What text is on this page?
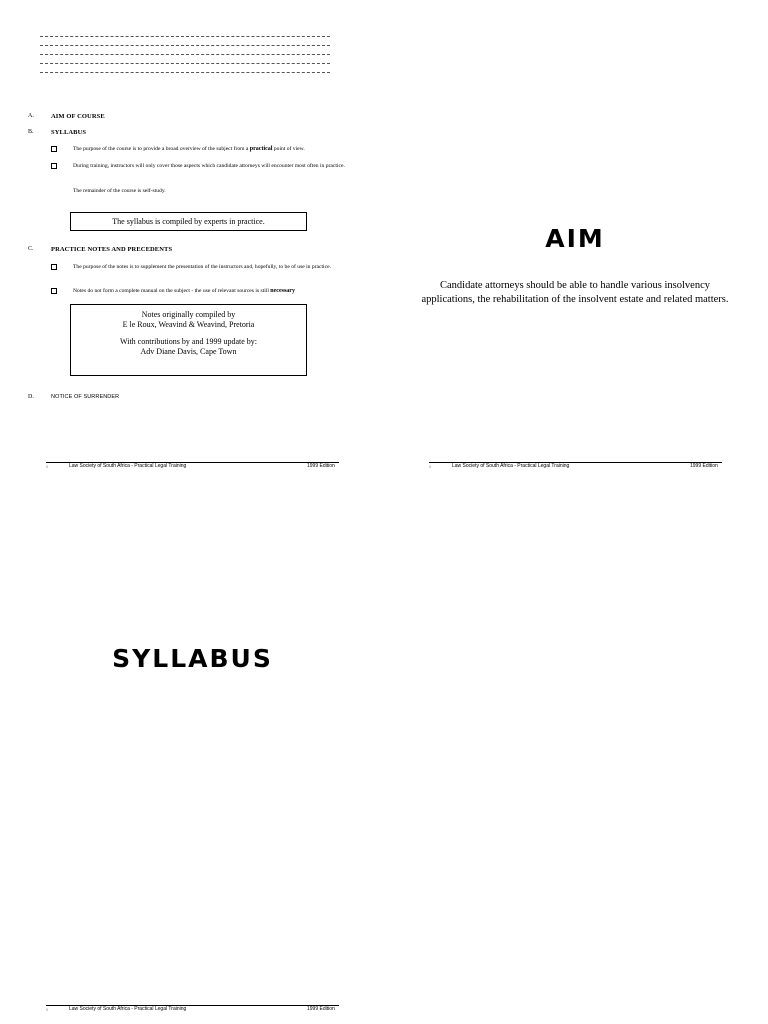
A.	AIM OF COURSE
B.	SYLLABUS
The purpose of the course is to provide a broad overview of the subject from a practical point of view.
During training, instructors will only cover those aspects which candidate attorneys will encounter most often in practice.
The remainder of the course is self-study.
The syllabus is compiled by experts in practice.
C.	PRACTICE NOTES AND PRECEDENTS
The purpose of the notes is to supplement the presentation of the instructors and, hopefully, to be of use in practice.
Notes do not form a complete manual on the subject - the use of relevant sources is still necessary
Notes originally compiled by
E le Roux, Weavind & Weavind, Pretoria
With contributions by and 1999 update by:
Adv Diane Davis, Cape Town
D.	NOTICE OF SURRENDER
0	Law Society of South Africa - Practical Legal Training	1999 Edition
AIM
Candidate attorneys should be able to handle various insolvency applications, the rehabilitation of the insolvent estate and related matters.
0	Law Society of South Africa - Practical Legal Training	1999 Edition
SYLLABUS
0	Law Society of South Africa - Practical Legal Training	1999 Edition
